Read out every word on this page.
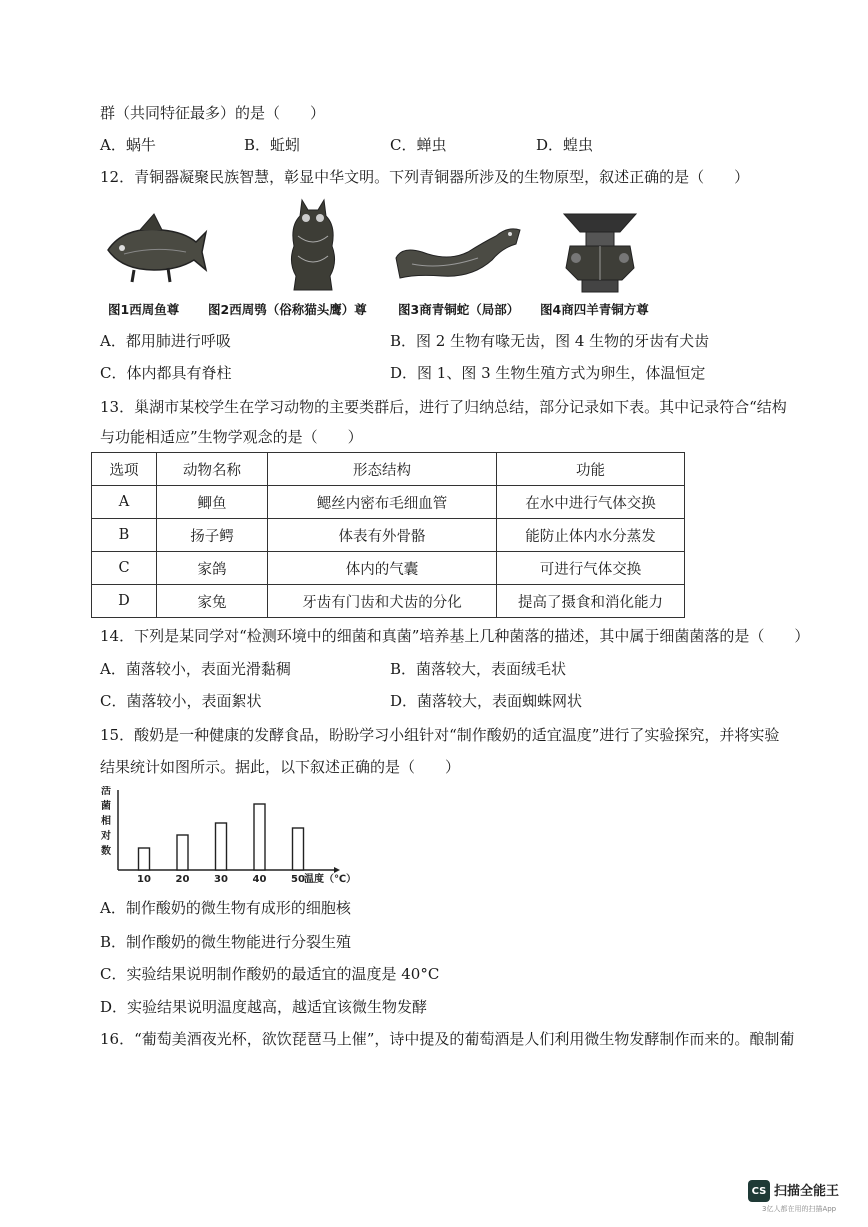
群（共同特征最多）的是（　　）
A．蜗牛	B．蚯蚓	C．蝉虫	D．蝗虫
12．青铜器凝聚民族智慧，彰显中华文明。下列青铜器所涉及的生物原型，叙述正确的是（　　）
图1西周鱼尊 图2西周鸮（俗称猫头鹰）尊	图3商青铜蛇（局部） 图4商四羊青铜方尊
A．都用肺进行呼吸	B．图 2 生物有喙无齿，图 4 生物的牙齿有犬齿
C．体内都具有脊柱	D．图 1、图 3 生物生殖方式为卵生，体温恒定
13．巢湖市某校学生在学习动物的主要类群后，进行了归纳总结，部分记录如下表。其中记录符合“结构
与功能相适应”生物学观念的是（　　）
选项	动物名称	形态结构	功能
A	鲫鱼	鳃丝内密布毛细血管	在水中进行气体交换
B	扬子鳄	体表有外骨骼	能防止体内水分蒸发
C	家鸽	体内的气囊	可进行气体交换
D	家兔	牙齿有门齿和犬齿的分化	提高了摄食和消化能力
14．下列是某同学对“检测环境中的细菌和真菌”培养基上几种菌落的描述，其中属于细菌菌落的是（　　）
A．菌落较小，表面光滑黏稠	B．菌落较大，表面绒毛状
C．菌落较小，表面絮状	D．菌落较大，表面蜘蛛网状
15．酸奶是一种健康的发酵食品，盼盼学习小组针对“制作酸奶的适宜温度”进行了实验探究，并将实验
结果统计如图所示。据此，以下叙述正确的是（　　）
活
菌
相
对
数
10 20 30 40 50 温度（℃）
A．制作酸奶的微生物有成形的细胞核
B．制作酸奶的微生物能进行分裂生殖
C．实验结果说明制作酸奶的最适宜的温度是 40°C
D．实验结果说明温度越高，越适宜该微生物发酵
16．“葡萄美酒夜光杯，欲饮琵琶马上催”，诗中提及的葡萄酒是人们利用微生物发酵制作而来的。酿制葡
CS 扫描全能王
3亿人都在用的扫描App
